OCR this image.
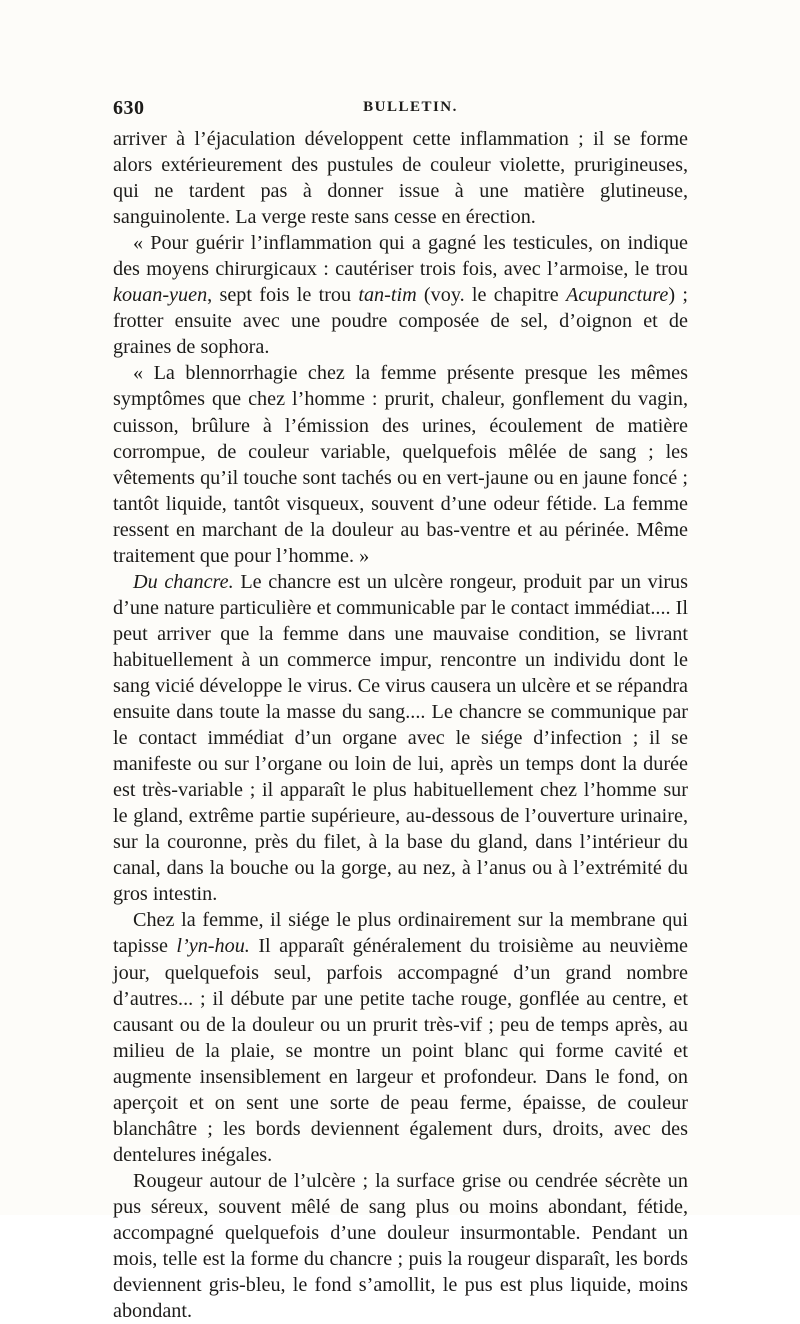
630	BULLETIN.

arriver à l’éjaculation développent cette inflammation ; il se forme alors extérieurement des pustules de couleur violette, prurigineuses, qui ne tardent pas à donner issue à une matière glutineuse, sanguinolente. La verge reste sans cesse en érection.

« Pour guérir l’inflammation qui a gagné les testicules, on indique des moyens chirurgicaux : cautériser trois fois, avec l’armoise, le trou kouan-yuen, sept fois le trou tan-tim (voy. le chapitre Acupuncture) ; frotter ensuite avec une poudre composée de sel, d’oignon et de graines de sophora.

« La blennorrhagie chez la femme présente presque les mêmes symptômes que chez l’homme : prurit, chaleur, gonflement du vagin, cuisson, brûlure à l’émission des urines, écoulement de matière corrompue, de couleur variable, quelquefois mêlée de sang ; les vêtements qu’il touche sont tachés ou en vert-jaune ou en jaune foncé ; tantôt liquide, tantôt visqueux, souvent d’une odeur fétide. La femme ressent en marchant de la douleur au bas-ventre et au périnée. Même traitement que pour l’homme. »

Du chancre. Le chancre est un ulcère rongeur, produit par un virus d’une nature particulière et communicable par le contact immédiat.... Il peut arriver que la femme dans une mauvaise condition, se livrant habituellement à un commerce impur, rencontre un individu dont le sang vicié développe le virus. Ce virus causera un ulcère et se répandra ensuite dans toute la masse du sang.... Le chancre se communique par le contact immédiat d’un organe avec le siége d’infection ; il se manifeste ou sur l’organe ou loin de lui, après un temps dont la durée est très-variable ; il apparaît le plus habituellement chez l’homme sur le gland, extrême partie supérieure, au-dessous de l’ouverture urinaire, sur la couronne, près du filet, à la base du gland, dans l’intérieur du canal, dans la bouche ou la gorge, au nez, à l’anus ou à l’extrémité du gros intestin.

Chez la femme, il siége le plus ordinairement sur la membrane qui tapisse l’yn-hou. Il apparaît généralement du troisième au neuvième jour, quelquefois seul, parfois accompagné d’un grand nombre d’autres... ; il débute par une petite tache rouge, gonflée au centre, et causant ou de la douleur ou un prurit très-vif ; peu de temps après, au milieu de la plaie, se montre un point blanc qui forme cavité et augmente insensiblement en largeur et profondeur. Dans le fond, on aperçoit et on sent une sorte de peau ferme, épaisse, de couleur blanchâtre ; les bords deviennent également durs, droits, avec des dentelures inégales.

Rougeur autour de l’ulcère ; la surface grise ou cendrée sécrète un pus séreux, souvent mêlé de sang plus ou moins abondant, fétide, accompagné quelquefois d’une douleur insurmontable. Pendant un mois, telle est la forme du chancre ; puis la rougeur disparaît, les bords deviennent gris-bleu, le fond s’amollit, le pus est plus liquide, moins abondant.
